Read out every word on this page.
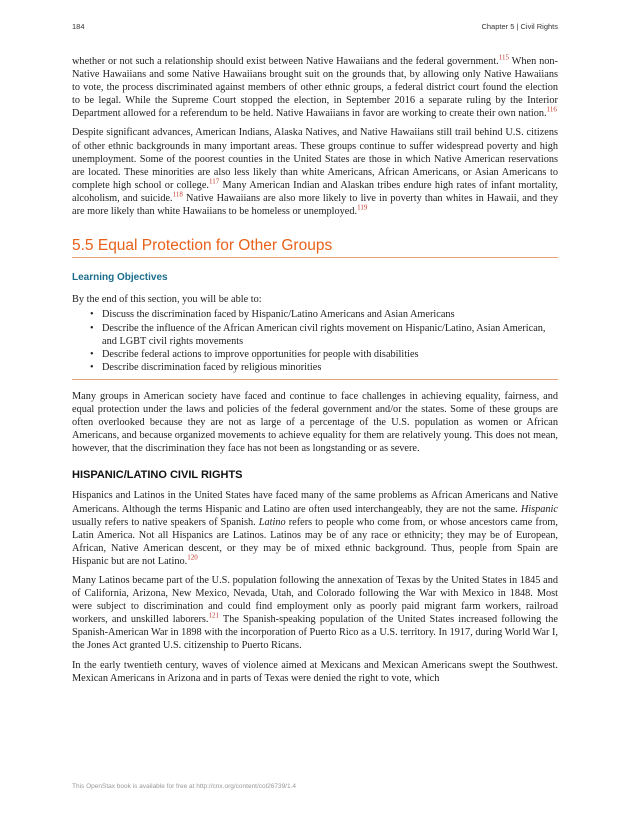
184	Chapter 5 | Civil Rights

whether or not such a relationship should exist between Native Hawaiians and the federal government.$^{115}$ When non-Native Hawaiians and some Native Hawaiians brought suit on the grounds that, by allowing only Native Hawaiians to vote, the process discriminated against members of other ethnic groups, a federal district court found the election to be legal. While the Supreme Court stopped the election, in September 2016 a separate ruling by the Interior Department allowed for a referendum to be held. Native Hawaiians in favor are working to create their own nation.$^{116}$

Despite significant advances, American Indians, Alaska Natives, and Native Hawaiians still trail behind U.S. citizens of other ethnic backgrounds in many important areas. These groups continue to suffer widespread poverty and high unemployment. Some of the poorest counties in the United States are those in which Native American reservations are located. These minorities are also less likely than white Americans, African Americans, or Asian Americans to complete high school or college.$^{117}$ Many American Indian and Alaskan tribes endure high rates of infant mortality, alcoholism, and suicide.$^{118}$ Native Hawaiians are also more likely to live in poverty than whites in Hawaii, and they are more likely than white Hawaiians to be homeless or unemployed.$^{119}$

5.5 Equal Protection for Other Groups
Learning Objectives

By the end of this section, you will be able to:

• Discuss the discrimination faced by Hispanic/Latino Americans and Asian Americans
• Describe the influence of the African American civil rights movement on Hispanic/Latino, Asian American, and LGBT civil rights movements
• Describe federal actions to improve opportunities for people with disabilities
• Describe discrimination faced by religious minorities

Many groups in American society have faced and continue to face challenges in achieving equality, fairness, and equal protection under the laws and policies of the federal government and/or the states. Some of these groups are often overlooked because they are not as large of a percentage of the U.S. population as women or African Americans, and because organized movements to achieve equality for them are relatively young. This does not mean, however, that the discrimination they face has not been as longstanding or as severe.

HISPANIC/LATINO CIVIL RIGHTS

Hispanics and Latinos in the United States have faced many of the same problems as African Americans and Native Americans. Although the terms Hispanic and Latino are often used interchangeably, they are not the same. Hispanic usually refers to native speakers of Spanish. Latino refers to people who come from, or whose ancestors came from, Latin America. Not all Hispanics are Latinos. Latinos may be of any race or ethnicity; they may be of European, African, Native American descent, or they may be of mixed ethnic background. Thus, people from Spain are Hispanic but are not Latino.$^{120}$

Many Latinos became part of the U.S. population following the annexation of Texas by the United States in 1845 and of California, Arizona, New Mexico, Nevada, Utah, and Colorado following the War with Mexico in 1848. Most were subject to discrimination and could find employment only as poorly paid migrant farm workers, railroad workers, and unskilled laborers.$^{121}$ The Spanish-speaking population of the United States increased following the Spanish-American War in 1898 with the incorporation of Puerto Rico as a U.S. territory. In 1917, during World War I, the Jones Act granted U.S. citizenship to Puerto Ricans.

In the early twentieth century, waves of violence aimed at Mexicans and Mexican Americans swept the Southwest. Mexican Americans in Arizona and in parts of Texas were denied the right to vote, which

This OpenStax book is available for free at http://cnx.org/content/col26739/1.4
